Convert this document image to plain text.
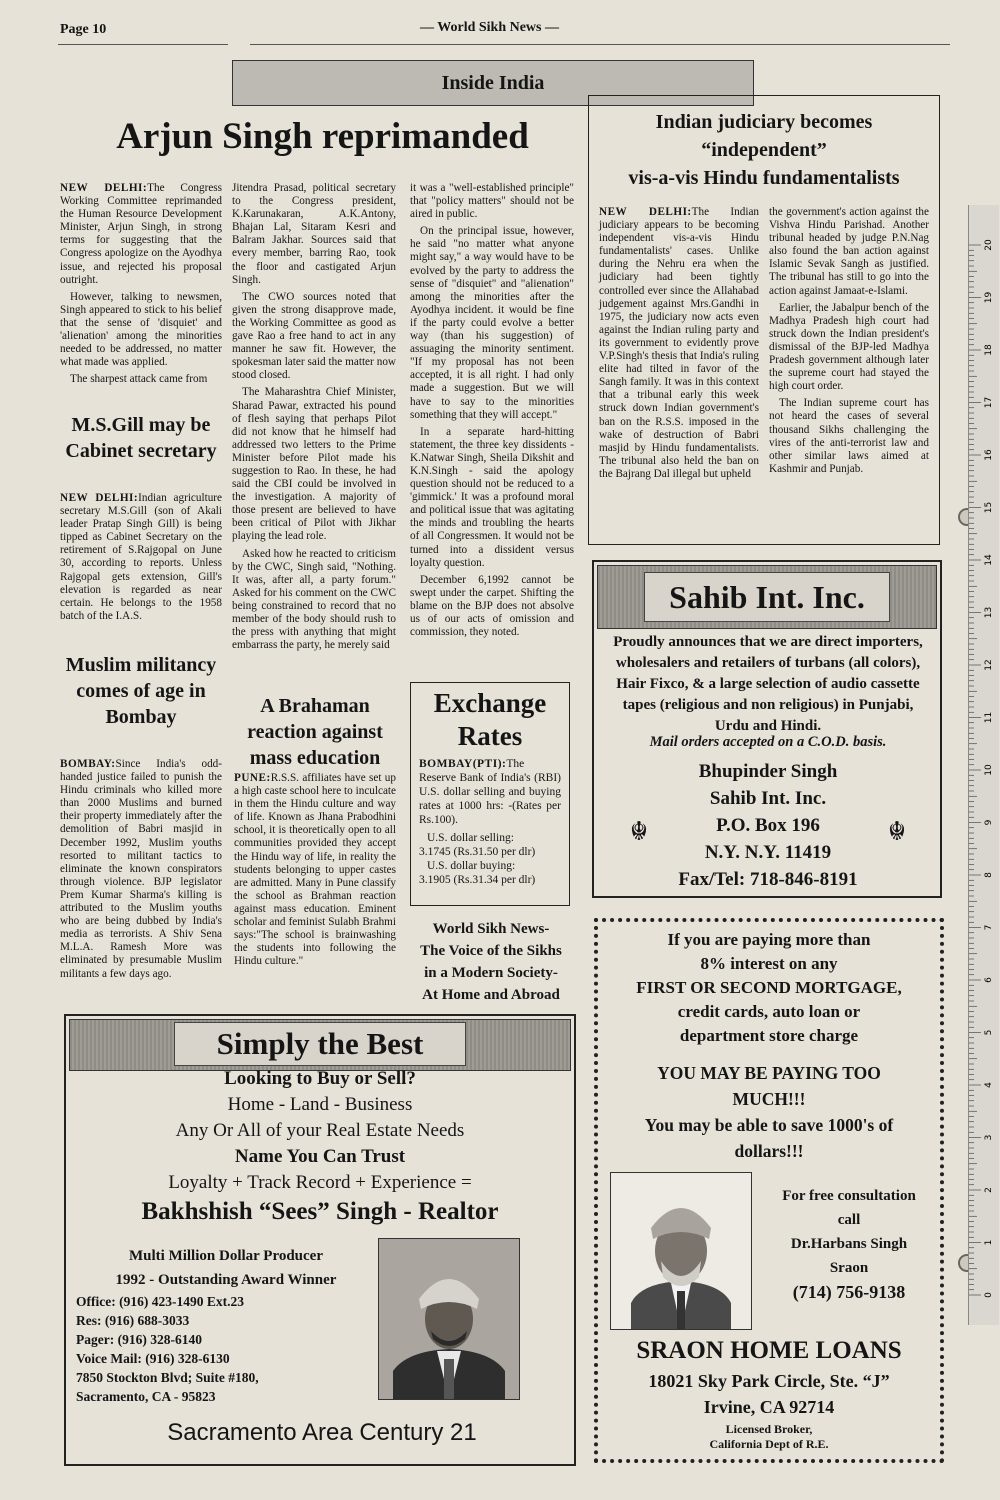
Page 10	— World Sikh News —
Inside India
Arjun Singh reprimanded

NEW DELHI:The Congress Working Committee reprimanded the Human Resource Development Minister, Arjun Singh, in strong terms for suggesting that the Congress apologize on the Ayodhya issue, and rejected his proposal outright.

However, talking to newsmen, Singh appeared to stick to his belief that the sense of 'disquiet' and 'alienation' among the minorities needed to be addressed, no matter what made was applied.

The sharpest attack came from

Jitendra Prasad, political secretary to the Congress president, K.Karunakaran, A.K.Antony, Bhajan Lal, Sitaram Kesri and Balram Jakhar. Sources said that every member, barring Rao, took the floor and castigated Arjun Singh.

The CWO sources noted that given the strong disapprove made, the Working Committee as good as gave Rao a free hand to act in any manner he saw fit. However, the spokesman later said the matter now stood closed.

The Maharashtra Chief Minister, Sharad Pawar, extracted his pound of flesh saying that perhaps Pilot did not know that he himself had addressed two letters to the Prime Minister before Pilot made his suggestion to Rao. In these, he had said the CBI could be involved in the investigation. A majority of those present are believed to have been critical of Pilot with Jikhar playing the lead role.

Asked how he reacted to criticism by the CWC, Singh said, "Nothing. It was, after all, a party forum." Asked for his comment on the CWC being constrained to record that no member of the body should rush to the press with anything that might embarrass the party, he merely said

it was a "well-established principle" that "policy matters" should not be aired in public.

On the principal issue, however, he said "no matter what anyone might say," a way would have to be evolved by the party to address the sense of "disquiet" and "alienation" among the minorities after the Ayodhya incident. it would be fine if the party could evolve a better way (than his suggestion) of assuaging the minority sentiment. "If my proposal has not been accepted, it is all right. I had only made a suggestion. But we will have to say to the minorities something that they will accept."

In a separate hard-hitting statement, the three key dissidents - K.Natwar Singh, Sheila Dikshit and K.N.Singh - said the apology question should not be reduced to a 'gimmick.' It was a profound moral and political issue that was agitating the minds and troubling the hearts of all Congressmen. It would not be turned into a dissident versus loyalty question.

December 6,1992 cannot be swept under the carpet. Shifting the blame on the BJP does not absolve us of our acts of omission and commission, they noted.

M.S.Gill may be Cabinet secretary

NEW DELHI:Indian agriculture secretary M.S.Gill (son of Akali leader Pratap Singh Gill) is being tipped as Cabinet Secretary on the retirement of S.Rajgopal on June 30, according to reports. Unless Rajgopal gets extension, Gill's elevation is regarded as near certain. He belongs to the 1958 batch of the I.A.S.

Muslim militancy comes of age in Bombay

BOMBAY:Since India's odd-handed justice failed to punish the Hindu criminals who killed more than 2000 Muslims and burned their property immediately after the demolition of Babri masjid in December 1992, Muslim youths resorted to militant tactics to eliminate the known conspirators through violence. BJP legislator Prem Kumar Sharma's killing is attributed to the Muslim youths who are being dubbed by India's media as terrorists. A Shiv Sena M.L.A. Ramesh More was eliminated by presumable Muslim militants a few days ago.

A Brahaman reaction against mass education

PUNE:R.S.S. affiliates have set up a high caste school here to inculcate in them the Hindu culture and way of life. Known as Jhana Prabodhini school, it is theoretically open to all communities provided they accept the Hindu way of life, in reality the students belonging to upper castes are admitted. Many in Pune classify the school as Brahman reaction against mass education. Eminent scholar and feminist Sulabh Brahmi says:"The school is brainwashing the students into following the Hindu culture."

Exchange Rates

BOMBAY(PTI):The Reserve Bank of India's (RBI) U.S. dollar selling and buying rates at 1000 hrs: -(Rates per Rs.100).

U.S. dollar selling:
3.1745 (Rs.31.50 per dlr)
U.S. dollar buying:
3.1905 (Rs.31.34 per dlr)
World Sikh News-
The Voice of the Sikhs
in a Modern Society-
At Home and Abroad
Indian judiciary becomes
“independent”
vis-a-vis Hindu fundamentalists

NEW DELHI:The Indian judiciary appears to be becoming independent vis-a-vis Hindu fundamentalists' cases. Unlike during the Nehru era when the judiciary had been tightly controlled ever since the Allahabad judgement against Mrs.Gandhi in 1975, the judiciary now acts even against the Indian ruling party and its government to evidently prove V.P.Singh's thesis that India's ruling elite had tilted in favor of the Sangh family. It was in this context that a tribunal early this week struck down Indian government's ban on the R.S.S. imposed in the wake of destruction of Babri masjid by Hindu fundamentalists. The tribunal also held the ban on the Bajrang Dal illegal but upheld

the government's action against the Vishva Hindu Parishad. Another tribunal headed by judge P.N.Nag also found the ban action against Islamic Sevak Sangh as justified. The tribunal has still to go into the action against Jamaat-e-Islami.

Earlier, the Jabalpur bench of the Madhya Pradesh high court had struck down the Indian president's dismissal of the BJP-led Madhya Pradesh government although later the supreme court had stayed the high court order.

The Indian supreme court has not heard the cases of several thousand Sikhs challenging the vires of the anti-terrorist law and other similar laws aimed at Kashmir and Punjab.

Sahib Int. Inc.
Proudly announces that we are direct importers, wholesalers and retailers of turbans (all colors), Hair Fixco, & a large selection of audio cassette tapes (religious and non religious) in Punjabi, Urdu and Hindi.
Mail orders accepted on a C.O.D. basis.
Bhupinder Singh
Sahib Int. Inc.
P.O. Box 196
N.Y. N.Y. 11419
Fax/Tel: 718-846-8191
☬	☬
If you are paying more than
8% interest on any
FIRST OR SECOND MORTGAGE,
credit cards, auto loan or
department store charge
YOU MAY BE PAYING TOO
MUCH!!!
You may be able to save 1000's of
dollars!!!
For free consultation
call
Dr.Harbans Singh
Sraon
(714) 756-9138
SRAON HOME LOANS
18021 Sky Park Circle, Ste. “J”
Irvine, CA 92714
Licensed Broker,
California Dept of R.E.
Simply the Best
Looking to Buy or Sell?
Home - Land - Business
Any Or All of your Real Estate Needs
Name You Can Trust
Loyalty + Track Record + Experience =
Bakhshish “Sees” Singh - Realtor
Multi Million Dollar Producer
1992 - Outstanding Award Winner
Office: (916) 423-1490 Ext.23
Res: (916) 688-3033
Pager: (916) 328-6140
Voice Mail: (916) 328-6130
7850 Stockton Blvd; Suite #180,
Sacramento, CA - 95823
Sacramento Area Century 21
0
1
2
3
4
5
6
7
8
9
10
11
12
13
14
15
16
17
18
19
20
